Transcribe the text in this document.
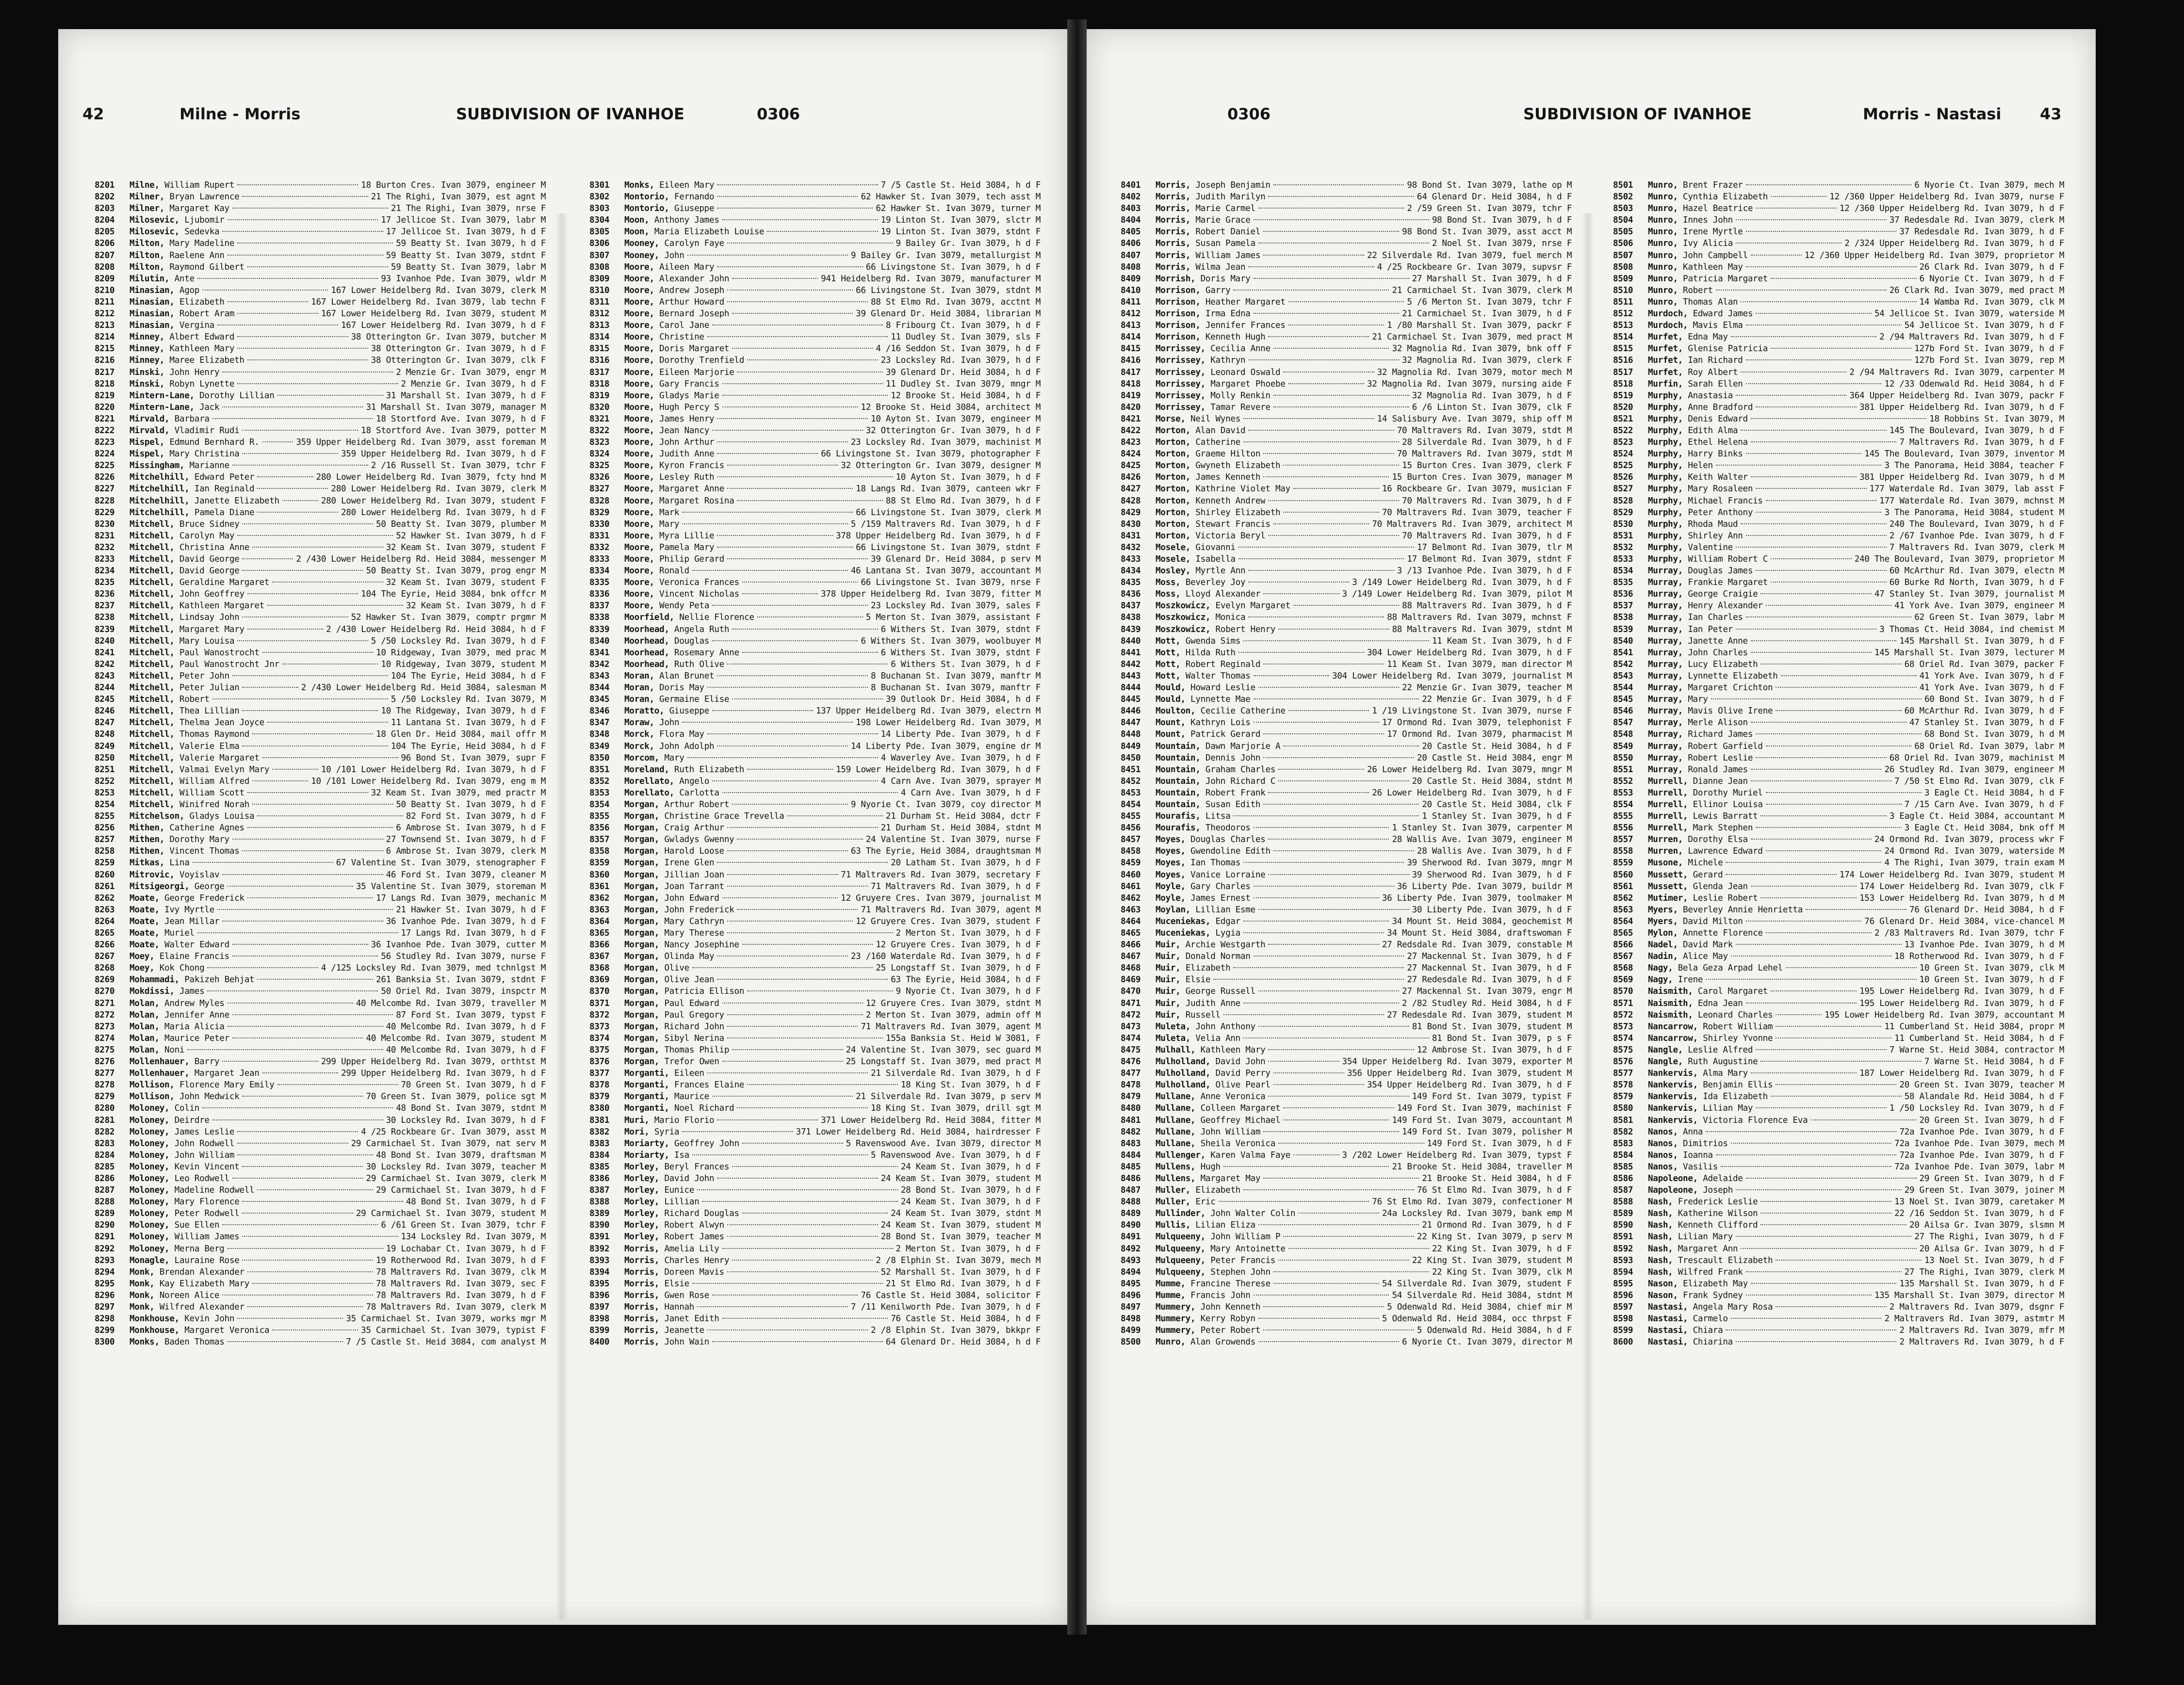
42	Milne - Morris	SUBDIVISION OF IVANHOE	0306
8201	Milne, William Rupert	18 Burton Cres. Ivan 3079, engineer M
8202	Milner, Bryan Lawrence	21 The Righi, Ivan 3079, est agnt M
8203	Milner, Margaret Kay	21 The Righi, Ivan 3079, nrse F
8204	Milosevic, Ljubomir	17 Jellicoe St. Ivan 3079, labr M
8205	Milosevic, Sedevka	17 Jellicoe St. Ivan 3079, h d F
8206	Milton, Mary Madeline	59 Beatty St. Ivan 3079, h d F
8207	Milton, Raelene Ann	59 Beatty St. Ivan 3079, stdnt F
8208	Milton, Raymond Gilbert	59 Beatty St. Ivan 3079, labr M
8209	Milutin, Ante	93 Ivanhoe Pde. Ivan 3079, wldr M
8210	Minasian, Agop	167 Lower Heidelberg Rd. Ivan 3079, clerk M
8211	Minasian, Elizabeth	167 Lower Heidelberg Rd. Ivan 3079, lab techn F
8212	Minasian, Robert Aram	167 Lower Heidelberg Rd. Ivan 3079, student M
8213	Minasian, Vergina	167 Lower Heidelberg Rd. Ivan 3079, h d F
8214	Minney, Albert Edward	38 Otterington Gr. Ivan 3079, butcher M
8215	Minney, Kathleen Mary	38 Otterington Gr. Ivan 3079, h d F
8216	Minney, Maree Elizabeth	38 Otterington Gr. Ivan 3079, clk F
8217	Minski, John Henry	2 Menzie Gr. Ivan 3079, engr M
8218	Minski, Robyn Lynette	2 Menzie Gr. Ivan 3079, h d F
8219	Mintern-Lane, Dorothy Lillian	31 Marshall St. Ivan 3079, h d F
8220	Mintern-Lane, Jack	31 Marshall St. Ivan 3079, manager M
8221	Mirvald, Barbara	18 Stortford Ave. Ivan 3079, h d F
8222	Mirvald, Vladimir Rudi	18 Stortford Ave. Ivan 3079, potter M
8223	Mispel, Edmund Bernhard R.	359 Upper Heidelberg Rd. Ivan 3079, asst foreman M
8224	Mispel, Mary Christina	359 Upper Heidelberg Rd. Ivan 3079, h d F
8225	Missingham, Marianne	2 /16 Russell St. Ivan 3079, tchr F
8226	Mitchelhill, Edward Peter	280 Lower Heidelberg Rd. Ivan 3079, fcty hnd M
8227	Mitchelhill, Ian Reginald	280 Lower Heidelberg Rd. Ivan 3079, clerk M
8228	Mitchelhill, Janette Elizabeth	280 Lower Heidelberg Rd. Ivan 3079, student F
8229	Mitchelhill, Pamela Diane	280 Lower Heidelberg Rd. Ivan 3079, h d F
8230	Mitchell, Bruce Sidney	50 Beatty St. Ivan 3079, plumber M
8231	Mitchell, Carolyn May	52 Hawker St. Ivan 3079, h d F
8232	Mitchell, Christina Anne	32 Keam St. Ivan 3079, student F
8233	Mitchell, David George	2 /430 Lower Heidelberg Rd. Heid 3084, messenger M
8234	Mitchell, David George	50 Beatty St. Ivan 3079, prog engr M
8235	Mitchell, Geraldine Margaret	32 Keam St. Ivan 3079, student F
8236	Mitchell, John Geoffrey	104 The Eyrie, Heid 3084, bnk offcr M
8237	Mitchell, Kathleen Margaret	32 Keam St. Ivan 3079, h d F
8238	Mitchell, Lindsay John	52 Hawker St. Ivan 3079, comptr prgmr M
8239	Mitchell, Margaret Mary	2 /430 Lower Heidelberg Rd. Heid 3084, h d F
8240	Mitchell, Mary Louisa	5 /50 Locksley Rd. Ivan 3079, h d F
8241	Mitchell, Paul Wanostrocht	10 Ridgeway, Ivan 3079, med prac M
8242	Mitchell, Paul Wanostrocht Jnr	10 Ridgeway, Ivan 3079, student M
8243	Mitchell, Peter John	104 The Eyrie, Heid 3084, h d F
8244	Mitchell, Peter Julian	2 /430 Lower Heidelberg Rd. Heid 3084, salesman M
8245	Mitchell, Robert	5 /50 Locksley Rd. Ivan 3079, M
8246	Mitchell, Thea Lillian	10 The Ridgeway, Ivan 3079, h d F
8247	Mitchell, Thelma Jean Joyce	11 Lantana St. Ivan 3079, h d F
8248	Mitchell, Thomas Raymond	18 Glen Dr. Heid 3084, mail offr M
8249	Mitchell, Valerie Elma	104 The Eyrie, Heid 3084, h d F
8250	Mitchell, Valerie Margaret	96 Bond St. Ivan 3079, supr F
8251	Mitchell, Valmai Evelyn Mary	10 /101 Lower Heidelberg Rd. Ivan 3079, h d F
8252	Mitchell, William Alfred	10 /101 Lower Heidelberg Rd. Ivan 3079, eng m M
8253	Mitchell, William Scott	32 Keam St. Ivan 3079, med practr M
8254	Mitchell, Winifred Norah	50 Beatty St. Ivan 3079, h d F
8255	Mitchelson, Gladys Louisa	82 Ford St. Ivan 3079, h d F
8256	Mithen, Catherine Agnes	6 Ambrose St. Ivan 3079, h d F
8257	Mithen, Dorothy Mary	27 Townsend St. Ivan 3079, h d F
8258	Mithen, Vincent Thomas	6 Ambrose St. Ivan 3079, clerk M
8259	Mitkas, Lina	67 Valentine St. Ivan 3079, stenographer F
8260	Mitrovic, Voyislav	46 Ford St. Ivan 3079, cleaner M
8261	Mitsigeorgi, George	35 Valentine St. Ivan 3079, storeman M
8262	Moate, George Frederick	17 Langs Rd. Ivan 3079, mechanic M
8263	Moate, Ivy Myrtle	21 Hawker St. Ivan 3079, h d F
8264	Moate, Jean Millar	36 Ivanhoe Pde. Ivan 3079, h d F
8265	Moate, Muriel	17 Langs Rd. Ivan 3079, h d F
8266	Moate, Walter Edward	36 Ivanhoe Pde. Ivan 3079, cutter M
8267	Moey, Elaine Francis	56 Studley Rd. Ivan 3079, nurse F
8268	Moey, Kok Chong	4 /125 Locksley Rd. Ivan 3079, med tchnlgst M
8269	Mohammadi, Pakizeh Behjat	261 Banksia St. Ivan 3079, stdnt F
8270	Mokdissi, James	50 Oriel Rd. Ivan 3079, inspctr M
8271	Molan, Andrew Myles	40 Melcombe Rd. Ivan 3079, traveller M
8272	Molan, Jennifer Anne	87 Ford St. Ivan 3079, typst F
8273	Molan, Maria Alicia	40 Melcombe Rd. Ivan 3079, h d F
8274	Molan, Maurice Peter	40 Melcombe Rd. Ivan 3079, student M
8275	Molan, Noni	40 Melcombe Rd. Ivan 3079, h d F
8276	Mollenhauer, Barry	299 Upper Heidelberg Rd. Ivan 3079, orthtst M
8277	Mollenhauer, Margaret Jean	299 Upper Heidelberg Rd. Ivan 3079, h d F
8278	Mollison, Florence Mary Emily	70 Green St. Ivan 3079, h d F
8279	Mollison, John Medwick	70 Green St. Ivan 3079, police sgt M
8280	Moloney, Colin	48 Bond St. Ivan 3079, stdnt M
8281	Moloney, Deirdre	30 Locksley Rd. Ivan 3079, h d F
8282	Moloney, James Leslie	4 /25 Rockbeare Gr. Ivan 3079, asst M
8283	Moloney, John Rodwell	29 Carmichael St. Ivan 3079, nat serv M
8284	Moloney, John William	48 Bond St. Ivan 3079, draftsman M
8285	Moloney, Kevin Vincent	30 Locksley Rd. Ivan 3079, teacher M
8286	Moloney, Leo Rodwell	29 Carmichael St. Ivan 3079, clerk M
8287	Moloney, Madeline Rodwell	29 Carmichael St. Ivan 3079, h d F
8288	Moloney, Mary Florence	48 Bond St. Ivan 3079, h d F
8289	Moloney, Peter Rodwell	29 Carmichael St. Ivan 3079, student M
8290	Moloney, Sue Ellen	6 /61 Green St. Ivan 3079, tchr F
8291	Moloney, William James	134 Locksley Rd. Ivan 3079, M
8292	Moloney, Merna Berg	19 Lochabar Ct. Ivan 3079, h d F
8293	Monagle, Lauraine Rose	19 Rotherwood Rd. Ivan 3079, h d F
8294	Monk, Brendan Alexander	78 Maltravers Rd. Ivan 3079, clk M
8295	Monk, Kay Elizabeth Mary	78 Maltravers Rd. Ivan 3079, sec F
8296	Monk, Noreen Alice	78 Maltravers Rd. Ivan 3079, h d F
8297	Monk, Wilfred Alexander	78 Maltravers Rd. Ivan 3079, clerk M
8298	Monkhouse, Kevin John	35 Carmichael St. Ivan 3079, works mgr M
8299	Monkhouse, Margaret Veronica	35 Carmichael St. Ivan 3079, typist F
8300	Monks, Baden Thomas	7 /5 Castle St. Heid 3084, com analyst M
8301	Monks, Eileen Mary	7 /5 Castle St. Heid 3084, h d F
8302	Montorio, Fernando	62 Hawker St. Ivan 3079, tech asst M
8303	Montorio, Giuseppe	62 Hawker St. Ivan 3079, turner M
8304	Moon, Anthony James	19 Linton St. Ivan 3079, slctr M
8305	Moon, Maria Elizabeth Louise	19 Linton St. Ivan 3079, stdnt F
8306	Mooney, Carolyn Faye	9 Bailey Gr. Ivan 3079, h d F
8307	Mooney, John	9 Bailey Gr. Ivan 3079, metallurgist M
8308	Moore, Aileen Mary	66 Livingstone St. Ivan 3079, h d F
8309	Moore, Alexander John	941 Heidelberg Rd. Ivan 3079, manufacturer M
8310	Moore, Andrew Joseph	66 Livingstone St. Ivan 3079, stdnt M
8311	Moore, Arthur Howard	88 St Elmo Rd. Ivan 3079, acctnt M
8312	Moore, Bernard Joseph	39 Glenard Dr. Heid 3084, librarian M
8313	Moore, Carol Jane	8 Fribourg Ct. Ivan 3079, h d F
8314	Moore, Christine	11 Dudley St. Ivan 3079, sls F
8315	Moore, Doris Margaret	4 /16 Seddon St. Ivan 3079, h d F
8316	Moore, Dorothy Trenfield	23 Locksley Rd. Ivan 3079, h d F
8317	Moore, Eileen Marjorie	39 Glenard Dr. Heid 3084, h d F
8318	Moore, Gary Francis	11 Dudley St. Ivan 3079, mngr M
8319	Moore, Gladys Marie	12 Brooke St. Heid 3084, h d F
8320	Moore, Hugh Percy S	12 Brooke St. Heid 3084, architect M
8321	Moore, James Henry	10 Ayton St. Ivan 3079, engineer M
8322	Moore, Jean Nancy	32 Otterington Gr. Ivan 3079, h d F
8323	Moore, John Arthur	23 Locksley Rd. Ivan 3079, machinist M
8324	Moore, Judith Anne	66 Livingstone St. Ivan 3079, photographer F
8325	Moore, Kyron Francis	32 Otterington Gr. Ivan 3079, designer M
8326	Moore, Lesley Ruth	10 Ayton St. Ivan 3079, h d F
8327	Moore, Margaret Anne	18 Langs Rd. Ivan 3079, canteen wkr F
8328	Moore, Margaret Rosina	88 St Elmo Rd. Ivan 3079, h d F
8329	Moore, Mark	66 Livingstone St. Ivan 3079, clerk M
8330	Moore, Mary	5 /159 Maltravers Rd. Ivan 3079, h d F
8331	Moore, Myra Lillie	378 Upper Heidelberg Rd. Ivan 3079, h d F
8332	Moore, Pamela Mary	66 Livingstone St. Ivan 3079, stdnt F
8333	Moore, Philip Gerard	39 Glenard Dr. Heid 3084, p serv M
8334	Moore, Ronald	46 Lantana St. Ivan 3079, accountant M
8335	Moore, Veronica Frances	66 Livingstone St. Ivan 3079, nrse F
8336	Moore, Vincent Nicholas	378 Upper Heidelberg Rd. Ivan 3079, fitter M
8337	Moore, Wendy Peta	23 Locksley Rd. Ivan 3079, sales F
8338	Moorfield, Nellie Florence	5 Merton St. Ivan 3079, assistant F
8339	Moorhead, Angela Ruth	6 Withers St. Ivan 3079, stdnt F
8340	Moorhead, Douglas	6 Withers St. Ivan 3079, woolbuyer M
8341	Moorhead, Rosemary Anne	6 Withers St. Ivan 3079, stdnt F
8342	Moorhead, Ruth Olive	6 Withers St. Ivan 3079, h d F
8343	Moran, Alan Brunet	8 Buchanan St. Ivan 3079, manftr M
8344	Moran, Doris May	8 Buchanan St. Ivan 3079, manftr F
8345	Moran, Germaine Elise	39 Outlook Dr. Heid 3084, h d F
8346	Moratto, Giuseppe	137 Upper Heidelberg Rd. Ivan 3079, electrn M
8347	Moraw, John	198 Lower Heidelberg Rd. Ivan 3079, M
8348	Morck, Flora May	14 Liberty Pde. Ivan 3079, h d F
8349	Morck, John Adolph	14 Liberty Pde. Ivan 3079, engine dr M
8350	Morcom, Mary	4 Waverley Ave. Ivan 3079, h d F
8351	Moreland, Ruth Elizabeth	159 Lower Heidelberg Rd. Ivan 3079, h d F
8352	Morellato, Angelo	4 Carn Ave. Ivan 3079, sprayer M
8353	Morellato, Carlotta	4 Carn Ave. Ivan 3079, h d F
8354	Morgan, Arthur Robert	9 Nyorie Ct. Ivan 3079, coy director M
8355	Morgan, Christine Grace Trevella	21 Durham St. Heid 3084, dctr F
8356	Morgan, Craig Arthur	21 Durham St. Heid 3084, stdnt M
8357	Morgan, Gwladys Gwenny	24 Valentine St. Ivan 3079, nurse F
8358	Morgan, Harold Loose	63 The Eyrie, Heid 3084, draughtsman M
8359	Morgan, Irene Glen	20 Latham St. Ivan 3079, h d F
8360	Morgan, Jillian Joan	71 Maltravers Rd. Ivan 3079, secretary F
8361	Morgan, Joan Tarrant	71 Maltravers Rd. Ivan 3079, h d F
8362	Morgan, John Edward	12 Gruyere Cres. Ivan 3079, journalist M
8363	Morgan, John Frederick	71 Maltravers Rd. Ivan 3079, agent M
8364	Morgan, Mary Cathryn	12 Gruyere Cres. Ivan 3079, student F
8365	Morgan, Mary Therese	2 Merton St. Ivan 3079, h d F
8366	Morgan, Nancy Josephine	12 Gruyere Cres. Ivan 3079, h d F
8367	Morgan, Olinda May	23 /160 Waterdale Rd. Ivan 3079, h d F
8368	Morgan, Olive	25 Longstaff St. Ivan 3079, h d F
8369	Morgan, Olive Jean	63 The Eyrie, Heid 3084, h d F
8370	Morgan, Patricia Ellison	9 Nyorie Ct. Ivan 3079, h d F
8371	Morgan, Paul Edward	12 Gruyere Cres. Ivan 3079, stdnt M
8372	Morgan, Paul Gregory	2 Merton St. Ivan 3079, admin off M
8373	Morgan, Richard John	71 Maltravers Rd. Ivan 3079, agent M
8374	Morgan, Sibyl Nerina	155a Banksia St. Heid W 3081, F
8375	Morgan, Thomas Philip	24 Valentine St. Ivan 3079, sec guard M
8376	Morgan, Trefor Owen	25 Longstaff St. Ivan 3079, med pract M
8377	Morganti, Eileen	21 Silverdale Rd. Ivan 3079, h d F
8378	Morganti, Frances Elaine	18 King St. Ivan 3079, h d F
8379	Morganti, Maurice	21 Silverdale Rd. Ivan 3079, p serv M
8380	Morganti, Noel Richard	18 King St. Ivan 3079, drill sgt M
8381	Muri, Mario Florio	371 Lower Heidelberg Rd. Heid 3084, fitter M
8382	Mori, Syria	371 Lower Heidelberg Rd. Heid 3084, hairdresser F
8383	Moriarty, Geoffrey John	5 Ravenswood Ave. Ivan 3079, director M
8384	Moriarty, Isa	5 Ravenswood Ave. Ivan 3079, h d F
8385	Morley, Beryl Frances	24 Keam St. Ivan 3079, h d F
8386	Morley, David John	24 Keam St. Ivan 3079, student M
8387	Morley, Eunice	28 Bond St. Ivan 3079, h d F
8388	Morley, Lillian	24 Keam St. Ivan 3079, h d F
8389	Morley, Richard Douglas	24 Keam St. Ivan 3079, stdnt M
8390	Morley, Robert Alwyn	24 Keam St. Ivan 3079, student M
8391	Morley, Robert James	28 Bond St. Ivan 3079, teacher M
8392	Morris, Amelia Lily	2 Merton St. Ivan 3079, h d F
8393	Morris, Charles Henry	2 /8 Elphin St. Ivan 3079, mech M
8394	Morris, Doreen Mavis	52 Marshall St. Ivan 3079, h d F
8395	Morris, Elsie	21 St Elmo Rd. Ivan 3079, h d F
8396	Morris, Gwen Rose	76 Castle St. Heid 3084, solicitor F
8397	Morris, Hannah	7 /11 Kenilworth Pde. Ivan 3079, h d F
8398	Morris, Janet Edith	76 Castle St. Heid 3084, h d F
8399	Morris, Jeanette	2 /8 Elphin St. Ivan 3079, bkkpr F
8400	Morris, John Wain	64 Glenard Dr. Heid 3084, h d F
0306	SUBDIVISION OF IVANHOE	Morris - Nastasi 43
8401	Morris, Joseph Benjamin	98 Bond St. Ivan 3079, lathe op M
8402	Morris, Judith Marilyn	64 Glenard Dr. Heid 3084, h d F
8403	Morris, Marie Carmel	2 /59 Green St. Ivan 3079, tchr F
8404	Morris, Marie Grace	98 Bond St. Ivan 3079, h d F
8405	Morris, Robert Daniel	98 Bond St. Ivan 3079, asst acct M
8406	Morris, Susan Pamela	2 Noel St. Ivan 3079, nrse F
8407	Morris, William James	22 Silverdale Rd. Ivan 3079, fuel merch M
8408	Morris, Wilma Jean	4 /25 Rockbeare Gr. Ivan 3079, supvsr F
8409	Morrish, Doris Mary	27 Marshall St. Ivan 3079, h d F
8410	Morrison, Garry	21 Carmichael St. Ivan 3079, clerk M
8411	Morrison, Heather Margaret	5 /6 Merton St. Ivan 3079, tchr F
8412	Morrison, Irma Edna	21 Carmichael St. Ivan 3079, h d F
8413	Morrison, Jennifer Frances	1 /80 Marshall St. Ivan 3079, packr F
8414	Morrison, Kenneth Hugh	21 Carmichael St. Ivan 3079, med pract M
8415	Morrissey, Cecilia Anne	32 Magnolia Rd. Ivan 3079, bnk off F
8416	Morrissey, Kathryn	32 Magnolia Rd. Ivan 3079, clerk F
8417	Morrissey, Leonard Oswald	32 Magnolia Rd. Ivan 3079, motor mech M
8418	Morrissey, Margaret Phoebe	32 Magnolia Rd. Ivan 3079, nursing aide F
8419	Morrissey, Molly Renkin	32 Magnolia Rd. Ivan 3079, h d F
8420	Morrissey, Tamar Revere	6 /6 Linton St. Ivan 3079, clk F
8421	Morse, Neil Wynes	14 Salisbury Ave. Ivan 3079, ship off M
8422	Morton, Alan David	70 Maltravers Rd. Ivan 3079, stdt M
8423	Morton, Catherine	28 Silverdale Rd. Ivan 3079, h d F
8424	Morton, Graeme Hilton	70 Maltravers Rd. Ivan 3079, stdt M
8425	Morton, Gwyneth Elizabeth	15 Burton Cres. Ivan 3079, clerk F
8426	Morton, James Kenneth	15 Burton Cres. Ivan 3079, manager M
8427	Morton, Kathrine Violet May	16 Rockbeare Gr. Ivan 3079, musician F
8428	Morton, Kenneth Andrew	70 Maltravers Rd. Ivan 3079, h d F
8429	Morton, Shirley Elizabeth	70 Maltravers Rd. Ivan 3079, teacher F
8430	Morton, Stewart Francis	70 Maltravers Rd. Ivan 3079, architect M
8431	Morton, Victoria Beryl	70 Maltravers Rd. Ivan 3079, h d F
8432	Mosele, Giovanni	17 Belmont Rd. Ivan 3079, tlr M
8433	Mosele, Isabella	17 Belmont Rd. Ivan 3079, stdnt F
8434	Mosley, Myrtle Ann	3 /13 Ivanhoe Pde. Ivan 3079, h d F
8435	Moss, Beverley Joy	3 /149 Lower Heidelberg Rd. Ivan 3079, h d F
8436	Moss, Lloyd Alexander	3 /149 Lower Heidelberg Rd. Ivan 3079, pilot M
8437	Moszkowicz, Evelyn Margaret	88 Maltravers Rd. Ivan 3079, h d F
8438	Moszkowicz, Monica	88 Maltravers Rd. Ivan 3079, mchnst F
8439	Moszkowicz, Robert Henry	88 Maltravers Rd. Ivan 3079, stdnt M
8440	Mott, Gwenda Sims	11 Keam St. Ivan 3079, h d F
8441	Mott, Hilda Ruth	304 Lower Heidelberg Rd. Ivan 3079, h d F
8442	Mott, Robert Reginald	11 Keam St. Ivan 3079, man director M
8443	Mott, Walter Thomas	304 Lower Heidelberg Rd. Ivan 3079, journalist M
8444	Mould, Howard Leslie	22 Menzie Gr. Ivan 3079, teacher M
8445	Mould, Lynnette Mae	22 Menzie Gr. Ivan 3079, h d F
8446	Moulton, Cecilie Catherine	1 /19 Livingstone St. Ivan 3079, nurse F
8447	Mount, Kathryn Lois	17 Ormond Rd. Ivan 3079, telephonist F
8448	Mount, Patrick Gerard	17 Ormond Rd. Ivan 3079, pharmacist M
8449	Mountain, Dawn Marjorie A	20 Castle St. Heid 3084, h d F
8450	Mountain, Dennis John	20 Castle St. Heid 3084, engr M
8451	Mountain, Graham Charles	26 Lower Heidelberg Rd. Ivan 3079, mngr M
8452	Mountain, John Richard C	20 Castle St. Heid 3084, stdnt M
8453	Mountain, Robert Frank	26 Lower Heidelberg Rd. Ivan 3079, h d F
8454	Mountain, Susan Edith	20 Castle St. Heid 3084, clk F
8455	Mourafis, Litsa	1 Stanley St. Ivan 3079, h d F
8456	Mourafis, Theodoros	1 Stanley St. Ivan 3079, carpenter M
8457	Moyes, Douglas Charles	28 Wallis Ave. Ivan 3079, engineer M
8458	Moyes, Gwendoline Edith	28 Wallis Ave. Ivan 3079, h d F
8459	Moyes, Ian Thomas	39 Sherwood Rd. Ivan 3079, mngr M
8460	Moyes, Vanice Lorraine	39 Sherwood Rd. Ivan 3079, h d F
8461	Moyle, Gary Charles	36 Liberty Pde. Ivan 3079, buildr M
8462	Moyle, James Ernest	36 Liberty Pde. Ivan 3079, toolmaker M
8463	Moylan, Lillian Esme	30 Liberty Pde. Ivan 3079, h d F
8464	Muceniekas, Edgar	34 Mount St. Heid 3084, geochemist M
8465	Muceniekas, Lygia	34 Mount St. Heid 3084, draftswoman F
8466	Muir, Archie Westgarth	27 Redsdale Rd. Ivan 3079, constable M
8467	Muir, Donald Norman	27 Mackennal St. Ivan 3079, h d F
8468	Muir, Elizabeth	27 Mackennal St. Ivan 3079, h d F
8469	Muir, Elsie	27 Redesdale Rd. Ivan 3079, h d F
8470	Muir, George Russell	27 Mackennal St. Ivan 3079, engr M
8471	Muir, Judith Anne	2 /82 Studley Rd. Heid 3084, h d F
8472	Muir, Russell	27 Redesdale Rd. Ivan 3079, student M
8473	Muleta, John Anthony	81 Bond St. Ivan 3079, student M
8474	Muleta, Velia Ann	81 Bond St. Ivan 3079, p s F
8475	Mulhall, Kathleen Mary	12 Ambrose St. Ivan 3079, h d F
8476	Mulholland, David John	354 Upper Heidelberg Rd. Ivan 3079, exporter M
8477	Mulholland, David Perry	356 Upper Heidelberg Rd. Ivan 3079, student M
8478	Mulholland, Olive Pearl	354 Upper Heidelberg Rd. Ivan 3079, h d F
8479	Mullane, Anne Veronica	149 Ford St. Ivan 3079, typist F
8480	Mullane, Colleen Margaret	149 Ford St. Ivan 3079, machinist F
8481	Mullane, Geoffrey Michael	149 Ford St. Ivan 3079, accountant M
8482	Mullane, John William	149 Ford St. Ivan 3079, polisher M
8483	Mullane, Sheila Veronica	149 Ford St. Ivan 3079, h d F
8484	Mullenger, Karen Valma Faye	3 /202 Lower Heidelberg Rd. Ivan 3079, typst F
8485	Mullens, Hugh	21 Brooke St. Heid 3084, traveller M
8486	Mullens, Margaret May	21 Brooke St. Heid 3084, h d F
8487	Muller, Elizabeth	76 St Elmo Rd. Ivan 3079, h d F
8488	Muller, Eric	76 St Elmo Rd. Ivan 3079, confectioner M
8489	Mullinder, John Walter Colin	24a Locksley Rd. Ivan 3079, bank emp M
8490	Mullis, Lilian Eliza	21 Ormond Rd. Ivan 3079, h d F
8491	Mulqueeny, John William P	22 King St. Ivan 3079, p serv M
8492	Mulqueeny, Mary Antoinette	22 King St. Ivan 3079, h d F
8493	Mulqueeny, Peter Francis	22 King St. Ivan 3079, student M
8494	Mulqueeny, Stephen John	22 King St. Ivan 3079, clk M
8495	Mumme, Francine Therese	54 Silverdale Rd. Ivan 3079, student F
8496	Mumme, Francis John	54 Silverdale Rd. Heid 3084, stdnt M
8497	Mummery, John Kenneth	5 Odenwald Rd. Heid 3084, chief mir M
8498	Mummery, Kerry Robyn	5 Odenwald Rd. Heid 3084, occ thrpst F
8499	Mummery, Peter Robert	5 Odenwald Rd. Heid 3084, h d F
8500	Munro, Alan Growends	6 Nyorie Ct. Ivan 3079, director M
8501	Munro, Brent Frazer	6 Nyorie Ct. Ivan 3079, mech M
8502	Munro, Cynthia Elizabeth	12 /360 Upper Heidelberg Rd. Ivan 3079, nurse F
8503	Munro, Hazel Beatrice	12 /360 Upper Heidelberg Rd. Ivan 3079, h d F
8504	Munro, Innes John	37 Redesdale Rd. Ivan 3079, clerk M
8505	Munro, Irene Myrtle	37 Redesdale Rd. Ivan 3079, h d F
8506	Munro, Ivy Alicia	2 /324 Upper Heidelberg Rd. Ivan 3079, h d F
8507	Munro, John Campbell	12 /360 Upper Heidelberg Rd. Ivan 3079, proprietor M
8508	Munro, Kathleen May	26 Clark Rd. Ivan 3079, h d F
8509	Munro, Patricia Margaret	6 Nyorie Ct. Ivan 3079, h d F
8510	Munro, Robert	26 Clark Rd. Ivan 3079, med pract M
8511	Munro, Thomas Alan	14 Wamba Rd. Ivan 3079, clk M
8512	Murdoch, Edward James	54 Jellicoe St. Ivan 3079, waterside M
8513	Murdoch, Mavis Elma	54 Jellicoe St. Ivan 3079, h d F
8514	Murfet, Edna May	2 /94 Maltravers Rd. Ivan 3079, h d F
8515	Murfet, Glenise Patricia	127b Ford St. Ivan 3079, h d F
8516	Murfet, Ian Richard	127b Ford St. Ivan 3079, rep M
8517	Murfet, Roy Albert	2 /94 Maltravers Rd. Ivan 3079, carpenter M
8518	Murfin, Sarah Ellen	12 /33 Odenwald Rd. Heid 3084, h d F
8519	Murphy, Anastasia	364 Upper Heidelberg Rd. Ivan 3079, packr F
8520	Murphy, Anne Bradford	381 Upper Heidelberg Rd. Ivan 3079, h d F
8521	Murphy, Denis Edward	18 Robbins St. Ivan 3079, M
8522	Murphy, Edith Alma	145 The Boulevard, Ivan 3079, h d F
8523	Murphy, Ethel Helena	7 Maltravers Rd. Ivan 3079, h d F
8524	Murphy, Harry Binks	145 The Boulevard, Ivan 3079, inventor M
8525	Murphy, Helen	3 The Panorama, Heid 3084, teacher F
8526	Murphy, Keith Walter	381 Upper Heidelberg Rd. Ivan 3079, h d M
8527	Murphy, Mary Rosaleen	177 Waterdale Rd. Ivan 3079, lab asst F
8528	Murphy, Michael Francis	177 Waterdale Rd. Ivan 3079, mchnst M
8529	Murphy, Peter Anthony	3 The Panorama, Heid 3084, student M
8530	Murphy, Rhoda Maud	240 The Boulevard, Ivan 3079, h d F
8531	Murphy, Shirley Ann	2 /67 Ivanhoe Pde. Ivan 3079, h d F
8532	Murphy, Valentine	7 Maltravers Rd. Ivan 3079, clerk M
8533	Murphy, William Robert C	240 The Boulevard, Ivan 3079, proprietor M
8534	Murray, Douglas James	60 McArthur Rd. Ivan 3079, electn M
8535	Murray, Frankie Margaret	60 Burke Rd North, Ivan 3079, h d F
8536	Murray, George Craigie	47 Stanley St. Ivan 3079, journalist M
8537	Murray, Henry Alexander	41 York Ave. Ivan 3079, engineer M
8538	Murray, Ian Charles	62 Green St. Ivan 3079, labr M
8539	Murray, Ian Peter	3 Thomas Ct. Heid 3084, ind chemist M
8540	Murray, Janette Anne	145 Marshall St. Ivan 3079, h d F
8541	Murray, John Charles	145 Marshall St. Ivan 3079, lecturer M
8542	Murray, Lucy Elizabeth	68 Oriel Rd. Ivan 3079, packer F
8543	Murray, Lynnette Elizabeth	41 York Ave. Ivan 3079, h d F
8544	Murray, Margaret Crichton	41 York Ave. Ivan 3079, h d F
8545	Murray, Mary	60 Bond St. Ivan 3079, h d F
8546	Murray, Mavis Olive Irene	60 McArthur Rd. Ivan 3079, h d F
8547	Murray, Merle Alison	47 Stanley St. Ivan 3079, h d F
8548	Murray, Richard James	68 Bond St. Ivan 3079, h d M
8549	Murray, Robert Garfield	68 Oriel Rd. Ivan 3079, labr M
8550	Murray, Robert Leslie	68 Oriel Rd. Ivan 3079, machinist M
8551	Murray, Ronald James	26 Studley Rd. Ivan 3079, engineer M
8552	Murrell, Dianne Jean	7 /50 St Elmo Rd. Ivan 3079, clk F
8553	Murrell, Dorothy Muriel	3 Eagle Ct. Heid 3084, h d F
8554	Murrell, Ellinor Louisa	7 /15 Carn Ave. Ivan 3079, h d F
8555	Murrell, Lewis Barratt	3 Eagle Ct. Heid 3084, accountant M
8556	Murrell, Mark Stephen	3 Eagle Ct. Heid 3084, bnk off M
8557	Murren, Dorothy Elsa	24 Ormond Rd. Ivan 3079, process wkr F
8558	Murren, Lawrence Edward	24 Ormond Rd. Ivan 3079, waterside M
8559	Musone, Michele	4 The Righi, Ivan 3079, train exam M
8560	Mussett, Gerard	174 Lower Heidelberg Rd. Ivan 3079, student M
8561	Mussett, Glenda Jean	174 Lower Heidelberg Rd. Ivan 3079, clk F
8562	Mutimer, Leslie Robert	153 Lower Heidelberg Rd. Ivan 3079, h d M
8563	Myers, Beverley Annie Henrietta	76 Glenard Dr. Heid 3084, h d F
8564	Myers, David Milton	76 Glenard Dr. Heid 3084, vice-chancel M
8565	Mylon, Annette Florence	2 /83 Maltravers Rd. Ivan 3079, tchr F
8566	Nadel, David Mark	13 Ivanhoe Pde. Ivan 3079, h d M
8567	Nadin, Alice May	18 Rotherwood Rd. Ivan 3079, h d F
8568	Nagy, Bela Geza Arpad Lehel	10 Green St. Ivan 3079, clk M
8569	Nagy, Irene	10 Green St. Ivan 3079, h d F
8570	Naismith, Carol Margaret	195 Lower Heidelberg Rd. Ivan 3079, h d F
8571	Naismith, Edna Jean	195 Lower Heidelberg Rd. Ivan 3079, h d F
8572	Naismith, Leonard Charles	195 Lower Heidelberg Rd. Ivan 3079, accountant M
8573	Nancarrow, Robert William	11 Cumberland St. Heid 3084, propr M
8574	Nancarrow, Shirley Yvonne	11 Cumberland St. Heid 3084, h d F
8575	Nangle, Leslie Alfred	7 Warne St. Heid 3084, contractor M
8576	Nangle, Ruth Augustine	7 Warne St. Heid 3084, h d F
8577	Nankervis, Alma Mary	187 Lower Heidelberg Rd. Ivan 3079, h d F
8578	Nankervis, Benjamin Ellis	20 Green St. Ivan 3079, teacher M
8579	Nankervis, Ida Elizabeth	58 Alandale Rd. Heid 3084, h d F
8580	Nankervis, Lilian May	1 /50 Locksley Rd. Ivan 3079, h d F
8581	Nankervis, Victoria Florence Eva	20 Green St. Ivan 3079, h d F
8582	Nanos, Anna	72a Ivanhoe Pde. Ivan 3079, h d F
8583	Nanos, Dimitrios	72a Ivanhoe Pde. Ivan 3079, mech M
8584	Nanos, Ioanna	72a Ivanhoe Pde. Ivan 3079, h d F
8585	Nanos, Vasilis	72a Ivanhoe Pde. Ivan 3079, labr M
8586	Napoleone, Adelaide	29 Green St. Ivan 3079, h d F
8587	Napoleone, Joseph	29 Green St. Ivan 3079, joiner M
8588	Nash, Frederick Leslie	13 Noel St. Ivan 3079, caretaker M
8589	Nash, Katherine Wilson	22 /16 Seddon St. Ivan 3079, h d F
8590	Nash, Kenneth Clifford	20 Ailsa Gr. Ivan 3079, slsmn M
8591	Nash, Lilian Mary	27 The Righi, Ivan 3079, h d F
8592	Nash, Margaret Ann	20 Ailsa Gr. Ivan 3079, h d F
8593	Nash, Trescault Elizabeth	13 Noel St. Ivan 3079, h d F
8594	Nash, Wilfred Frank	27 The Righi, Ivan 3079, clerk M
8595	Nason, Elizabeth May	135 Marshall St. Ivan 3079, h d F
8596	Nason, Frank Sydney	135 Marshall St. Ivan 3079, director M
8597	Nastasi, Angela Mary Rosa	2 Maltravers Rd. Ivan 3079, dsgnr F
8598	Nastasi, Carmelo	2 Maltravers Rd. Ivan 3079, astmtr M
8599	Nastasi, Chiara	2 Maltravers Rd. Ivan 3079, mfr M
8600	Nastasi, Chiarina	2 Maltravers Rd. Ivan 3079, h d F
